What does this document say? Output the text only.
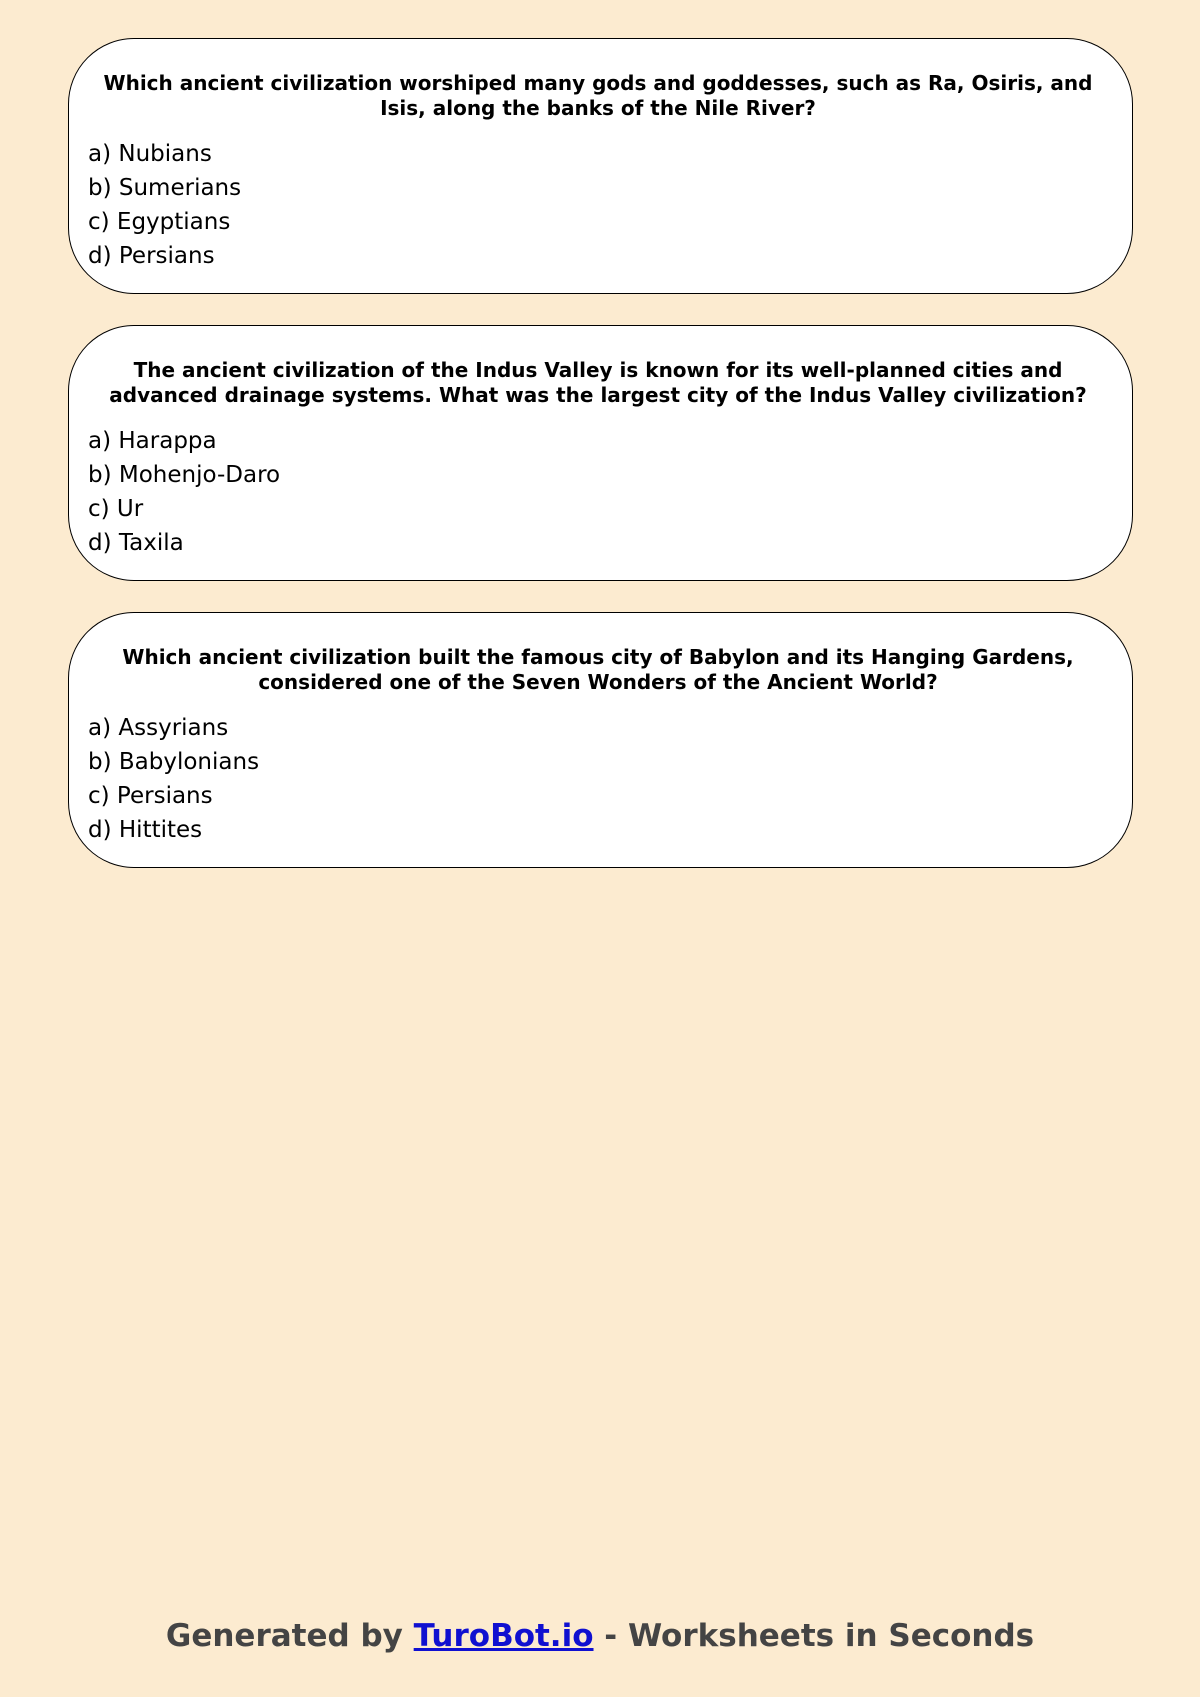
Which ancient civilization worshiped many gods and goddesses, such as Ra, Osiris, and Isis, along the banks of the Nile River?

a) Nubians
b) Sumerians
c) Egyptians
d) Persians

The ancient civilization of the Indus Valley is known for its well-planned cities and advanced drainage systems. What was the largest city of the Indus Valley civilization?

a) Harappa
b) Mohenjo-Daro
c) Ur
d) Taxila

Which ancient civilization built the famous city of Babylon and its Hanging Gardens, considered one of the Seven Wonders of the Ancient World?

a) Assyrians
b) Babylonians
c) Persians
d) Hittites
Generated by TuroBot.io - Worksheets in Seconds
